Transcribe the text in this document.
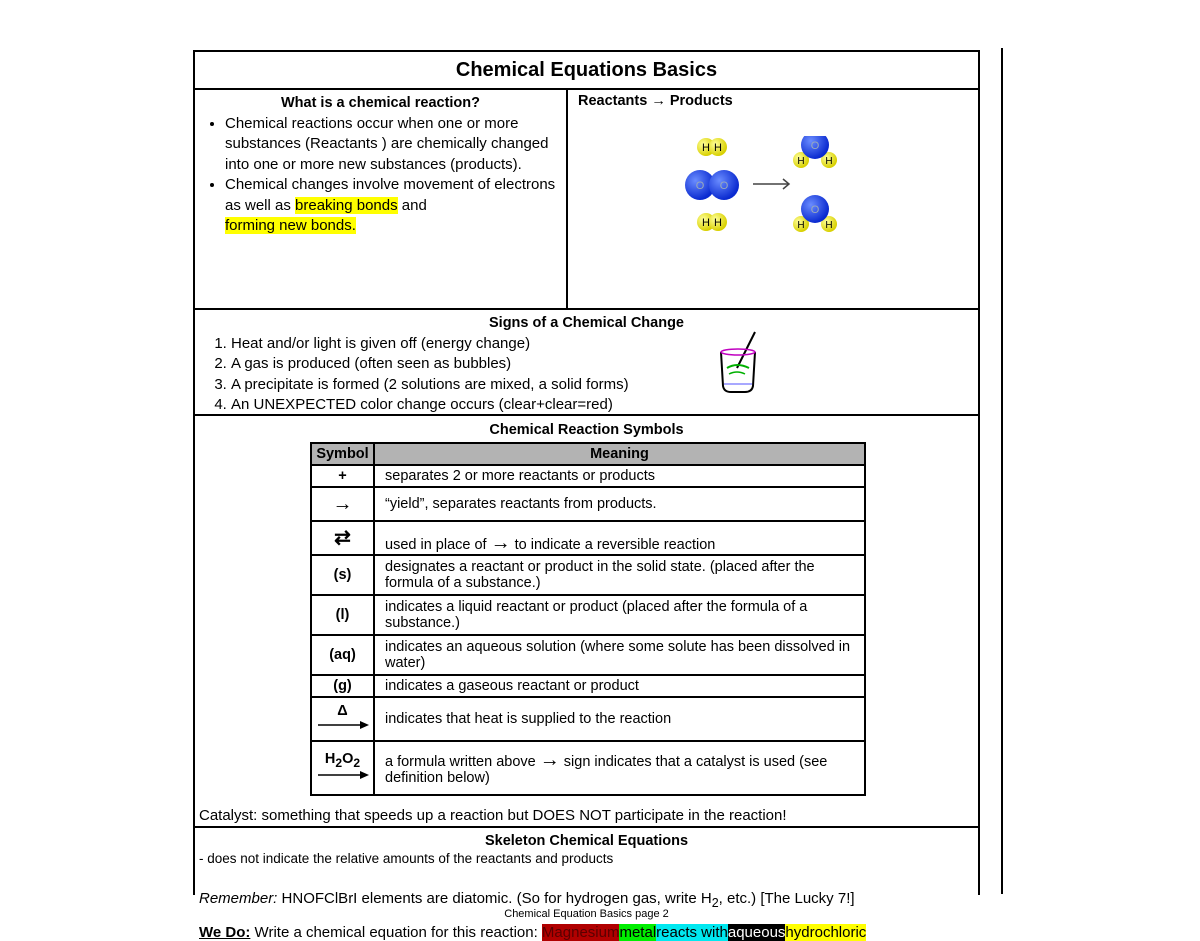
Chemical Equations Basics
What is a chemical reaction?
• Chemical reactions occur when one or more substances (Reactants ) are chemically changed into one or more new substances (products).
• Chemical changes involve movement of electrons as well as breaking bonds and
forming new bonds.
Reactants → Products
H H
O O
H H
O
H H
O
H H
Signs of a Chemical Change
1. Heat and/or light is given off (energy change)
2. A gas is produced (often seen as bubbles)
3. A precipitate is formed (2 solutions are mixed, a solid forms)
4. An UNEXPECTED color change occurs (clear+clear=red)
Chemical Reaction Symbols
Symbol	Meaning
+	separates 2 or more reactants or products
→	“yield”, separates reactants from products.
⇄	used in place of → to indicate a reversible reaction
(s)	designates a reactant or product in the solid state. (placed after the formula of a substance.)
(l)	indicates a liquid reactant or product (placed after the formula of a substance.)
(aq)	indicates an aqueous solution (where some solute has been dissolved in water)
(g)	indicates a gaseous reactant or product

Δ	indicates that heat is supplied to the reaction

$H_2O_2$	a formula written above → sign indicates that a catalyst is used (see definition below)
Catalyst: something that speeds up a reaction but DOES NOT participate in the reaction!
Skeleton Chemical Equations
- does not indicate the relative amounts of the reactants and products
Remember: HNOFClBrI elements are diatomic. (So for hydrogen gas, write $H_2$, etc.) [The Lucky 7!]
Chemical Equation Basics page 2
We Do: Write a chemical equation for this reaction: Magnesiummetalreacts withaqueoushydrochloric
